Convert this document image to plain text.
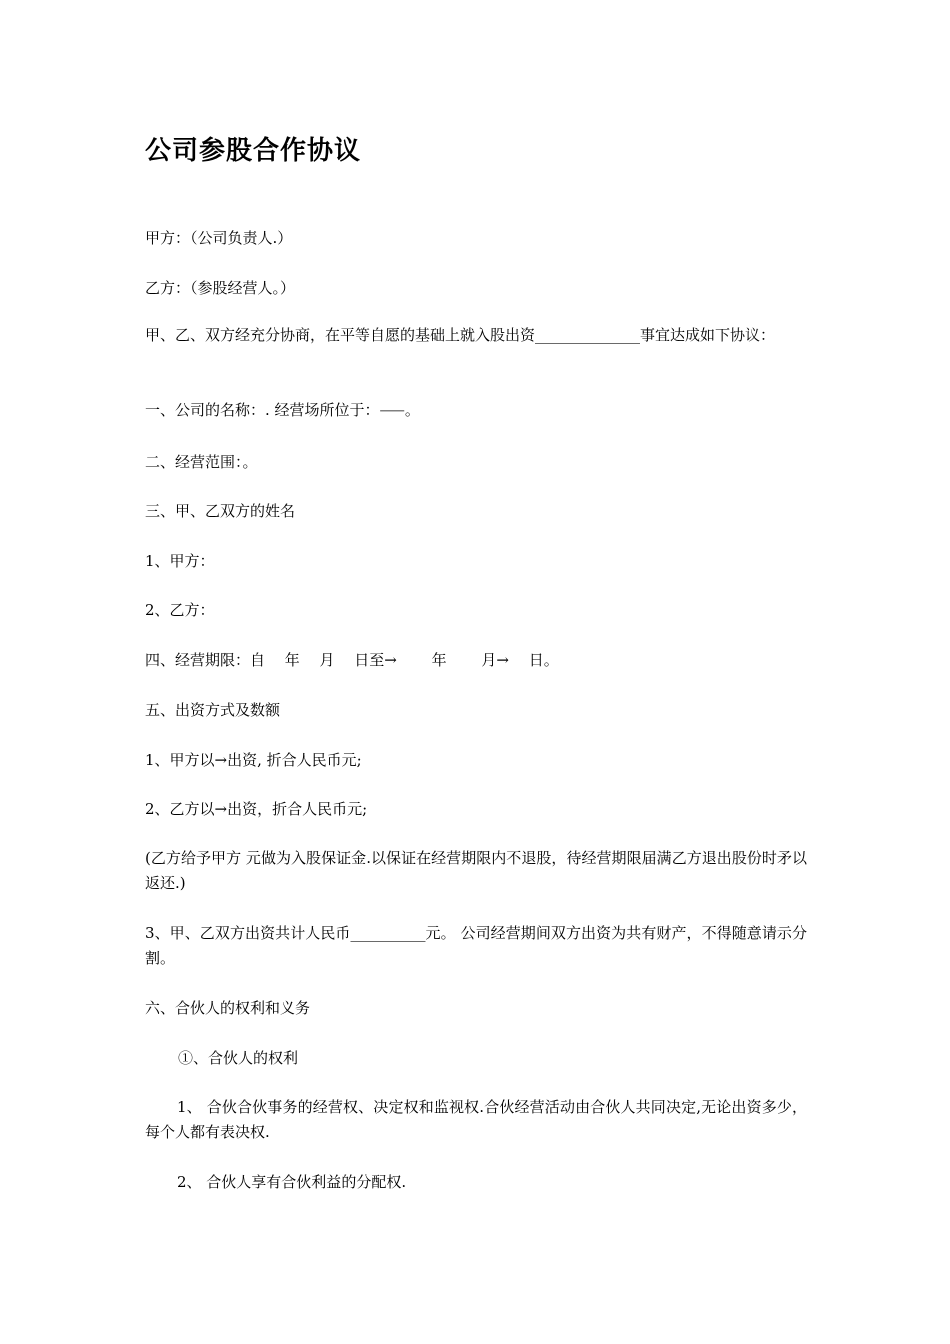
公司参股合作协议
甲方：（公司负责人.）
乙方：（参股经营人。）
甲、乙、双方经充分协商，在平等自愿的基础上就入股出资______________事宜达成如下协议：
一、公司的名称：. 经营场所位于：⸺。
二、经营范围：。
三、甲、乙双方的姓名
1、甲方：
2、乙方：
四、经营期限：自 　年 　月 　日至→ 　　年 　　月→ 　日。
五、出资方式及数额
1、甲方以→出资, 折合人民币元;
2、乙方以→出资，折合人民币元;
(乙方给予甲方 元做为入股保证金.以保证在经营期限内不退股，待经营期限届满乙方退出股份时矛以返还.)
3、甲、乙双方出资共计人民币__________元。 公司经营期间双方出资为共有财产，不得随意请示分割。
六、合伙人的权利和义务
①、合伙人的权利
1、 合伙合伙事务的经营权、决定权和监视权.合伙经营活动由合伙人共同决定,无论出资多少，每个人都有表决权.
2、 合伙人享有合伙利益的分配权.
